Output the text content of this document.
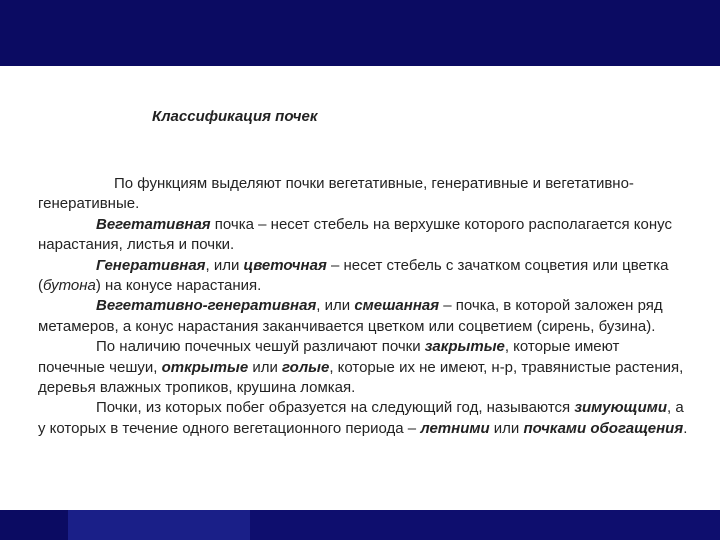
Классификация почек

По функциям выделяют почки вегетативные, генеративные и вегетативно-генеративные.

Вегетативная почка – несет стебель на верхушке которого располагается конус нарастания, листья и почки.

Генеративная, или цветочная – несет стебель с зачатком соцветия или цветка (бутона) на конусе нарастания.

Вегетативно-генеративная, или смешанная – почка, в которой заложен ряд метамеров, а конус нарастания заканчивается цветком или соцветием (сирень, бузина).

По наличию почечных чешуй различают почки закрытые, которые имеют почечные чешуи, открытые или голые, которые их не имеют, н-р, травянистые растения, деревья влажных тропиков, крушина ломкая.

Почки, из которых побег образуется на следующий год, называются зимующими, а у которых в течение одного вегетационного периода – летними или почками обогащения.
